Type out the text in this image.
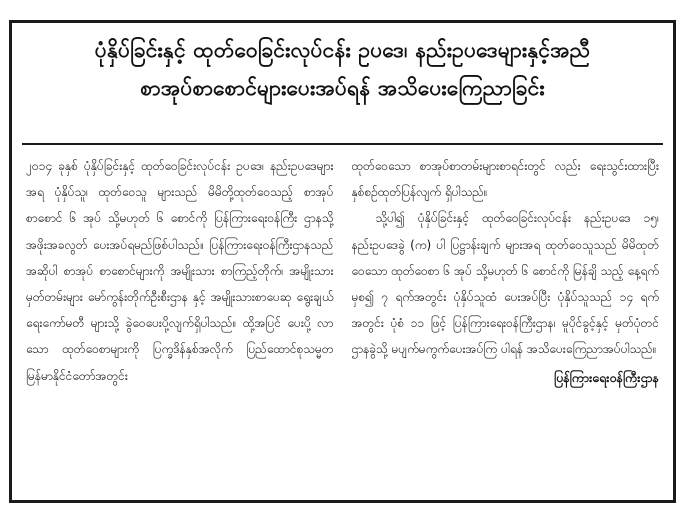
ပုံနှိပ်ခြင်းနှင့် ထုတ်ဝေခြင်းလုပ်ငန်း ဥပဒေ၊ နည်းဥပဒေများနှင့်အညီ
စာအုပ်စာစောင်များပေးအပ်ရန် အသိပေးကြေညာခြင်း

၂၀၁၄ ခုနှစ် ပုံနှိပ်ခြင်းနှင့် ထုတ်ဝေခြင်းလုပ်ငန်း ဥပဒေ၊ နည်းဥပဒေများအရ ပုံနှိပ်သူ၊ ထုတ်ဝေသူ များသည် မိမိတို့ထုတ်ဝေသည့် စာအုပ်စာစောင် ၆ အုပ် သို့မဟုတ် ၆ စောင်ကို ပြန်ကြားရေးဝန်ကြီး ဌာနသို့ အဖိုးအခလွတ် ပေးအပ်ရမည်ဖြစ်ပါသည်။ ပြန်ကြားရေးဝန်ကြီးဌာနသည် အဆိုပါ စာအုပ် စာစောင်များကို အမျိုးသား စာကြည့်တိုက်၊ အမျိုးသားမှတ်တမ်းများ မော်ကွန်းတိုက်ဦးစီးဌာန နှင့် အမျိုးသားစာပေဆု ရွေးချယ်ရေးကော်မတီ များသို့ ခွဲဝေပေးပို့လျက်ရှိပါသည်။ ထို့အပြင် ပေးပို့ လာသော ထုတ်ဝေစာများကို ပြက္ခဒိန်နှစ်အလိုက် ပြည်ထောင်စုသမ္မတ မြန်မာနိုင်ငံတော်အတွင်း

ထုတ်ဝေသော စာအုပ်စာတမ်းများစာရင်းတွင် လည်း ရေးသွင်းထားပြီး နှစ်စဉ်ထုတ်ပြန်လျက် ရှိပါသည်။

သို့ပါ၍ ပုံနှိပ်ခြင်းနှင့် ထုတ်ဝေခြင်းလုပ်ငန်း နည်းဥပဒေ ၁၅၊ နည်းဥပဒေခွဲ (က) ပါ ပြဋ္ဌာန်းချက် များအရ ထုတ်ဝေသူသည် မိမိထုတ်ဝေသော ထုတ်ဝေစာ ၆ အုပ် သို့မဟုတ် ၆ စောင်ကို မြန်ချိ သည့် နေ့ရက်မှစ၍ ၇ ရက်အတွင်း ပုံနှိပ်သူထံ ပေးအပ်ပြီး ပုံနှိပ်သူသည် ၁၄ ရက်အတွင်း ပုံစံ ၁၁ ဖြင့် ပြန်ကြားရေးဝန်ကြီးဌာန၊ မူပိုင်ခွင့်နှင့် မှတ်ပုံတင်ဌာနခွဲသို့ မပျက်မကွက်ပေးအပ်ကြ ပါရန် အသိပေးကြေညာအပ်ပါသည်။

ပြန်ကြားရေးဝန်ကြီးဌာန
